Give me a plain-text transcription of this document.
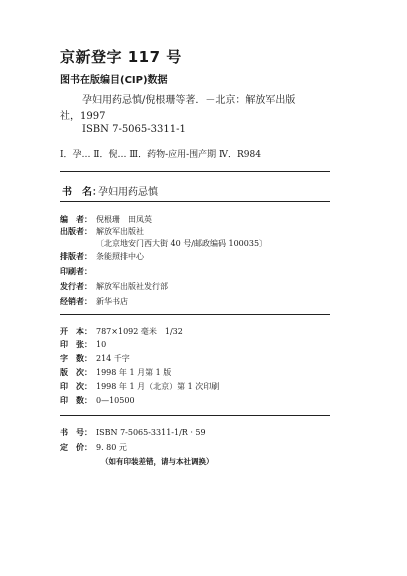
京新登字 117 号
图书在版编目(CIP)数据
孕妇用药忌慎/倪根珊等著．－北京：解放军出版
社，1997
ISBN 7-5065-3311-1
Ⅰ．孕… Ⅱ．倪… Ⅲ．药物-应用-围产期 Ⅳ．R984
书　名：
孕妇用药忌慎
编　者： 倪根珊　田凤英
出版者： 解放军出版社
〔北京地安门西大街 40 号/邮政编码 100035〕
排版者： 条能照排中心
印刷者：
发行者： 解放军出版社发行部
经销者： 新华书店
开　本： 787×1092 毫米　1/32
印　张： 10
字　数： 214 千字
版　次： 1998 年 1 月第 1 版
印　次： 1998 年 1 月（北京）第 1 次印刷
印　数： 0—10500
书　号： ISBN 7-5065-3311-1/R · 59
定　价： 9. 80 元
（如有印装差错，请与本社调换）
